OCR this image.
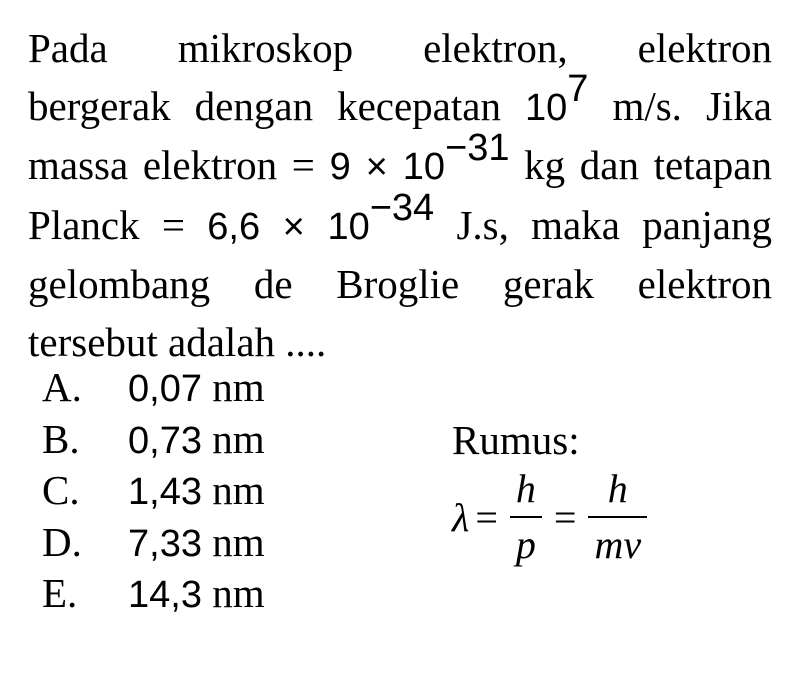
Pada mikroskop elektron, elektron
bergerak dengan kecepatan $10^7$ m/s. Jika
massa elektron = $9 \times 10^{-31}$ kg dan tetapan
Planck = $6,6 \times 10^{-34}$ J.s, maka panjang
gelombang de Broglie gerak elektron
tersebut adalah ....
A. 0,07 nm
B. 0,73 nm
C. 1,43 nm
D. 7,33 nm
E. 14,3 nm
Rumus:
$\lambda = \frac{h}{p} = \frac{h}{mv}$
